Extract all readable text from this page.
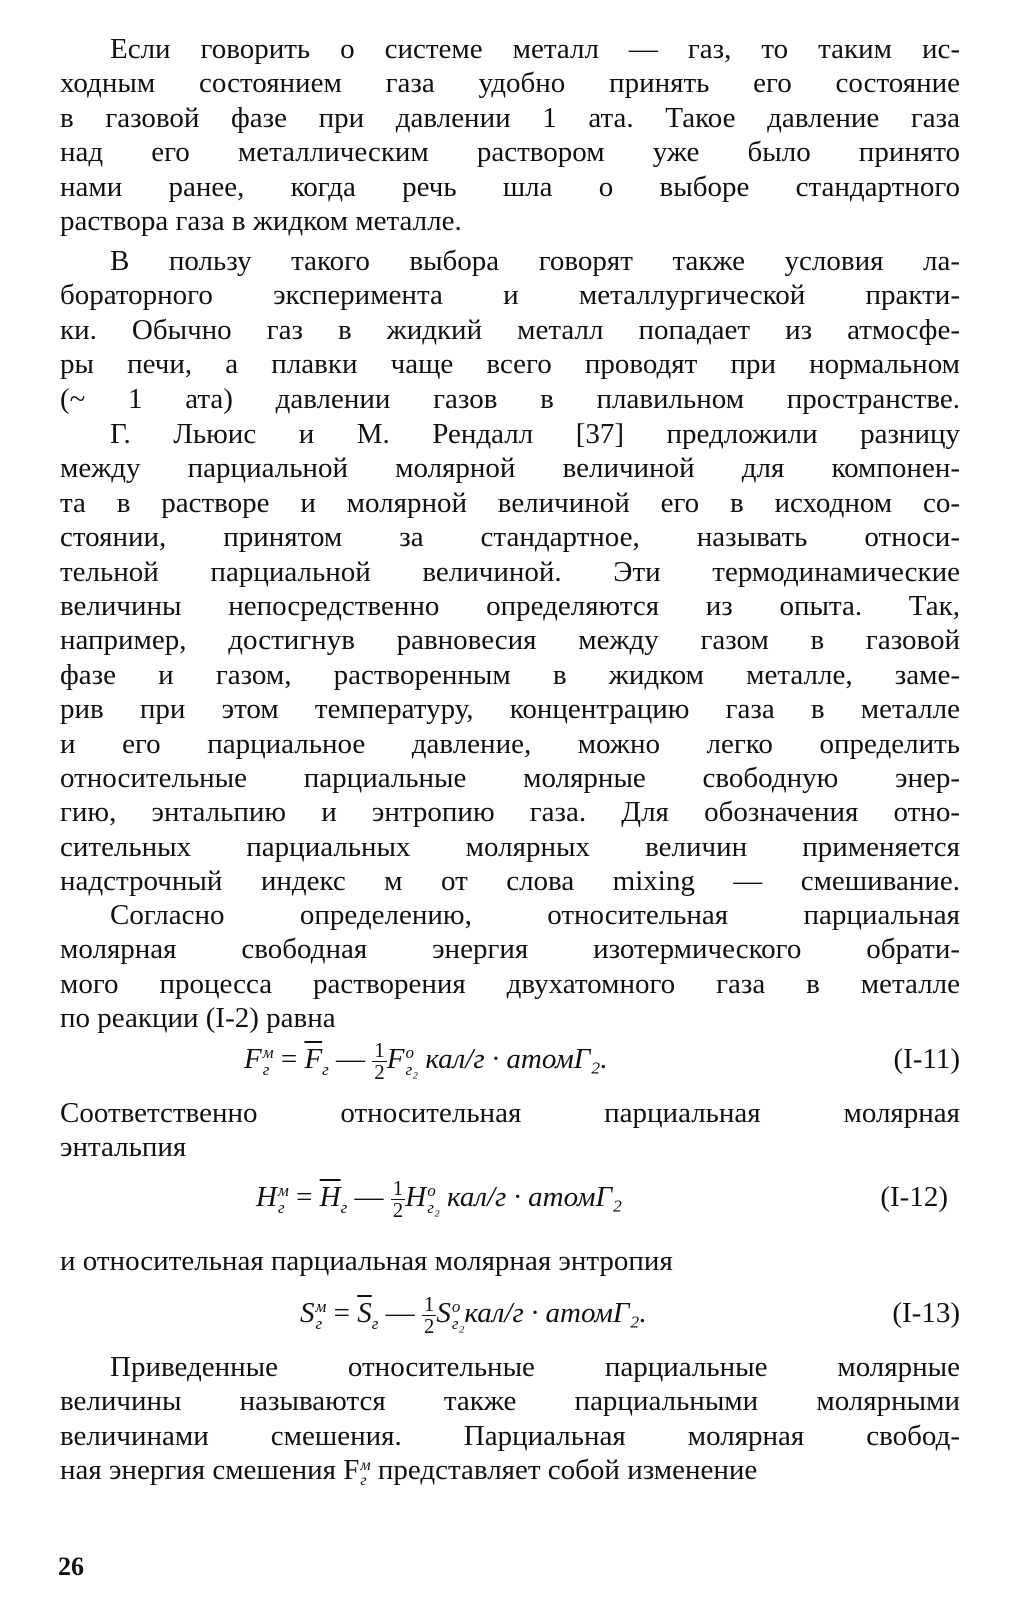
Если говорить о системе металл — газ, то таким ис-
ходным состоянием газа удобно принять его состояние
в газовой фазе при давлении 1 ата. Такое давление газа
над его металлическим раствором уже было принято
нами ранее, когда речь шла о выборе стандартного
раствора газа в жидком металле.
В пользу такого выбора говорят также условия ла-
бораторного эксперимента и металлургической практи-
ки. Обычно газ в жидкий металл попадает из атмосфе-
ры печи, а плавки чаще всего проводят при нормальном
(~ 1 ата) давлении газов в плавильном пространстве.
Г. Льюис и М. Рендалл [37] предложили разницу
между парциальной молярной величиной для компонен-
та в растворе и молярной величиной его в исходном со-
стоянии, принятом за стандартное, называть относи-
тельной парциальной величиной. Эти термодинамические
величины непосредственно определяются из опыта. Так,
например, достигнув равновесия между газом в газовой
фазе и газом, растворенным в жидком металле, заме-
рив при этом температуру, концентрацию газа в металле
и его парциальное давление, можно легко определить
относительные парциальные молярные свободную энер-
гию, энтальпию и энтропию газа. Для обозначения отно-
сительных парциальных молярных величин применяется
надстрочный индекс м от слова mixing — смешивание.
Согласно определению, относительная парциальная
молярная свободная энергия изотермического обрати-
мого процесса растворения двухатомного газа в металле
по реакции (I-2) равна
F м
$г = \overline{F}_г$ — $\frac{1}{2}$ F o
г₂ кал/г · атомГ₂.	(I-11)
Соответственно относительная парциальная молярная
энтальпия
H м
$г = \overline{H}_г$ — $\frac{1}{2}$ H o
г₂ кал/г · атомГ₂	(I-12)
и относительная парциальная молярная энтропия
S м
$г = \overline{S}_г$ — $\frac{1}{2}$ S o
г₂ кал/г · атомГ₂.	(I-13)
Приведенные относительные парциальные молярные
величины называются также парциальными молярными
величинами смешения. Парциальная молярная свобод-
ная энергия смешения F м
г представляет собой изменение
26
